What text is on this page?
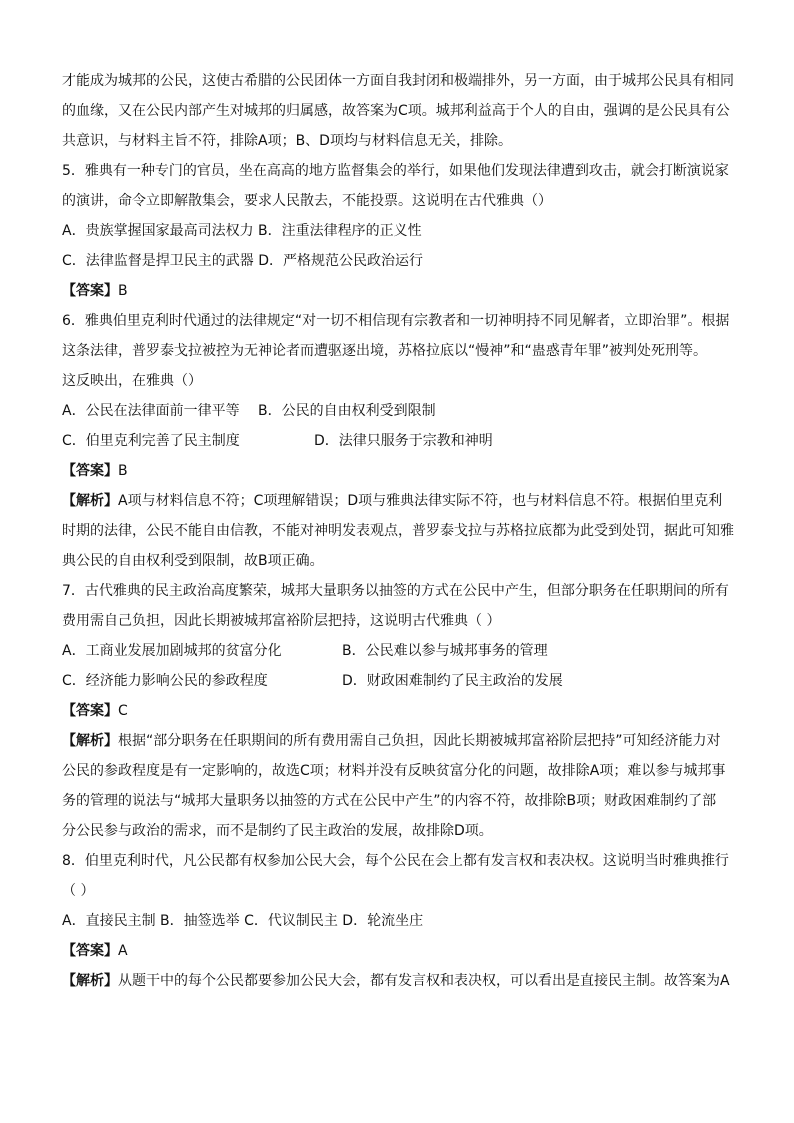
才能成为城邦的公民，这使古希腊的公民团体一方面自我封闭和极端排外，另一方面，由于城邦公民具有相同
的血缘，又在公民内部产生对城邦的归属感，故答案为C项。城邦利益高于个人的自由，强调的是公民具有公
共意识，与材料主旨不符，排除A项；B、D项均与材料信息无关，排除。
5．雅典有一种专门的官员，坐在高高的地方监督集会的举行，如果他们发现法律遭到攻击，就会打断演说家
的演讲，命令立即解散集会，要求人民散去，不能投票。这说明在古代雅典（）
A．贵族掌握国家最高司法权力 B．注重法律程序的正义性
C．法律监督是捍卫民主的武器 D．严格规范公民政治运行
【答案】B
6．雅典伯里克利时代通过的法律规定“对一切不相信现有宗教者和一切神明持不同见解者，立即治罪”。根据
这条法律，普罗泰戈拉被控为无神论者而遭驱逐出境，苏格拉底以“慢神”和“蛊惑青年罪”被判处死刑等。
这反映出，在雅典（）
A．公民在法律面前一律平等	B．公民的自由权利受到限制
C．伯里克利完善了民主制度	D．法律只服务于宗教和神明
【答案】B
【解析】A项与材料信息不符；C项理解错误；D项与雅典法律实际不符，也与材料信息不符。根据伯里克利
时期的法律，公民不能自由信教，不能对神明发表观点，普罗泰戈拉与苏格拉底都为此受到处罚，据此可知雅
典公民的自由权利受到限制，故B项正确。
7．古代雅典的民主政治高度繁荣，城邦大量职务以抽签的方式在公民中产生，但部分职务在任职期间的所有
费用需自己负担，因此长期被城邦富裕阶层把持，这说明古代雅典（ ）
A．工商业发展加剧城邦的贫富分化	B．公民难以参与城邦事务的管理
C．经济能力影响公民的参政程度	D．财政困难制约了民主政治的发展
【答案】C
【解析】根据“部分职务在任职期间的所有费用需自己负担，因此长期被城邦富裕阶层把持”可知经济能力对
公民的参政程度是有一定影响的，故选C项；材料并没有反映贫富分化的问题，故排除A项；难以参与城邦事
务的管理的说法与“城邦大量职务以抽签的方式在公民中产生”的内容不符，故排除B项；财政困难制约了部
分公民参与政治的需求，而不是制约了民主政治的发展，故排除D项。
8．伯里克利时代，凡公民都有权参加公民大会，每个公民在会上都有发言权和表决权。这说明当时雅典推行
（ ）
A．直接民主制 B．抽签选举 C．代议制民主 D．轮流坐庄
【答案】A
【解析】从题干中的每个公民都要参加公民大会，都有发言权和表决权，可以看出是直接民主制。故答案为A
